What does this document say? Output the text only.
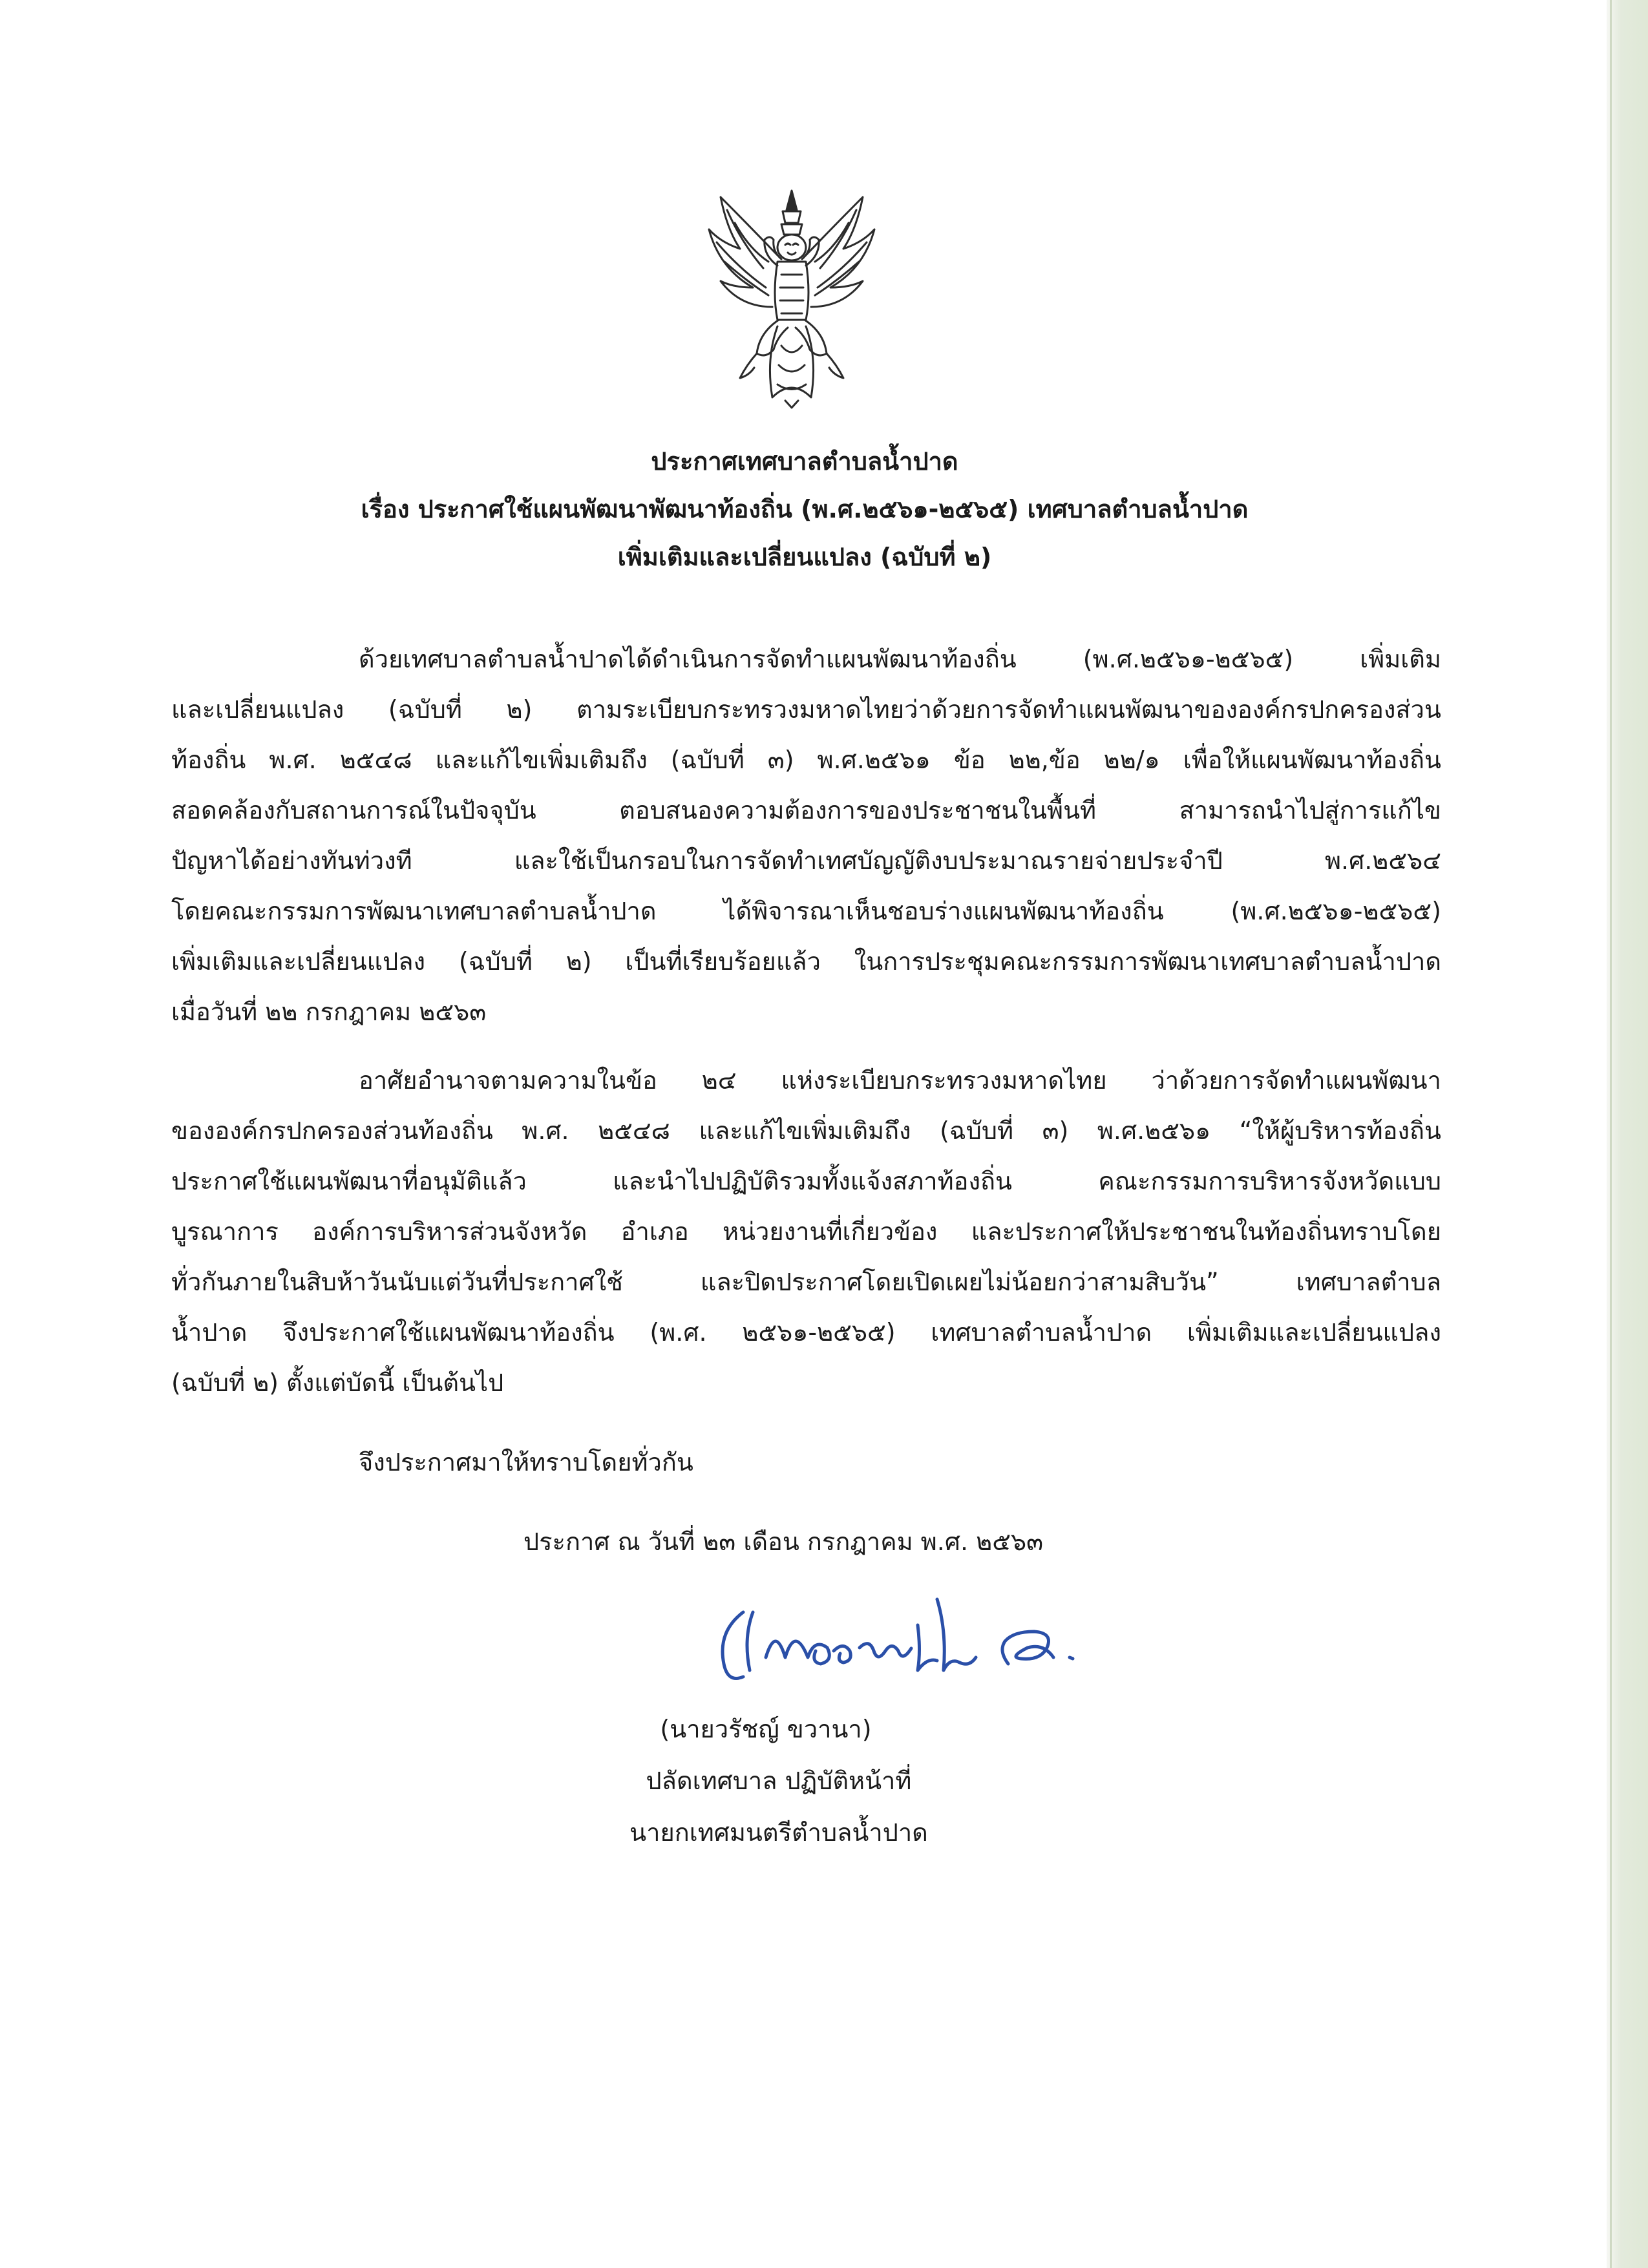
ประกาศเทศบาลตำบลน้ำปาด
เรื่อง ประกาศใช้แผนพัฒนาพัฒนาท้องถิ่น (พ.ศ.๒๕๖๑-๒๕๖๕) เทศบาลตำบลน้ำปาด
เพิ่มเติมและเปลี่ยนแปลง (ฉบับที่ ๒)
ด้วยเทศบาลตำบลน้ำปาดได้ดำเนินการจัดทำแผนพัฒนาท้องถิ่น (พ.ศ.๒๕๖๑-๒๕๖๕) เพิ่มเติม
และเปลี่ยนแปลง (ฉบับที่ ๒) ตามระเบียบกระทรวงมหาดไทยว่าด้วยการจัดทำแผนพัฒนาขององค์กรปกครองส่วน
ท้องถิ่น พ.ศ. ๒๕๔๘ และแก้ไขเพิ่มเติมถึง (ฉบับที่ ๓) พ.ศ.๒๕๖๑ ข้อ ๒๒,ข้อ ๒๒/๑ เพื่อให้แผนพัฒนาท้องถิ่น
สอดคล้องกับสถานการณ์ในปัจจุบัน ตอบสนองความต้องการของประชาชนในพื้นที่ สามารถนำไปสู่การแก้ไข
ปัญหาได้อย่างทันท่วงที และใช้เป็นกรอบในการจัดทำเทศบัญญัติงบประมาณรายจ่ายประจำปี พ.ศ.๒๕๖๔
โดยคณะกรรมการพัฒนาเทศบาลตำบลน้ำปาด ได้พิจารณาเห็นชอบร่างแผนพัฒนาท้องถิ่น (พ.ศ.๒๕๖๑-๒๕๖๕)
เพิ่มเติมและเปลี่ยนแปลง (ฉบับที่ ๒) เป็นที่เรียบร้อยแล้ว ในการประชุมคณะกรรมการพัฒนาเทศบาลตำบลน้ำปาด
เมื่อวันที่ ๒๒ กรกฎาคม ๒๕๖๓
อาศัยอำนาจตามความในข้อ ๒๔ แห่งระเบียบกระทรวงมหาดไทย ว่าด้วยการจัดทำแผนพัฒนา
ขององค์กรปกครองส่วนท้องถิ่น พ.ศ. ๒๕๔๘ และแก้ไขเพิ่มเติมถึง (ฉบับที่ ๓) พ.ศ.๒๕๖๑ “ให้ผู้บริหารท้องถิ่น
ประกาศใช้แผนพัฒนาที่อนุมัติแล้ว และนำไปปฏิบัติรวมทั้งแจ้งสภาท้องถิ่น คณะกรรมการบริหารจังหวัดแบบ
บูรณาการ องค์การบริหารส่วนจังหวัด อำเภอ หน่วยงานที่เกี่ยวข้อง และประกาศให้ประชาชนในท้องถิ่นทราบโดย
ทั่วกันภายในสิบห้าวันนับแต่วันที่ประกาศใช้ และปิดประกาศโดยเปิดเผยไม่น้อยกว่าสามสิบวัน” เทศบาลตำบล
น้ำปาด จึงประกาศใช้แผนพัฒนาท้องถิ่น (พ.ศ. ๒๕๖๑-๒๕๖๕) เทศบาลตำบลน้ำปาด เพิ่มเติมและเปลี่ยนแปลง
(ฉบับที่ ๒) ตั้งแต่บัดนี้ เป็นต้นไป
จึงประกาศมาให้ทราบโดยทั่วกัน
ประกาศ ณ วันที่ ๒๓ เดือน กรกฎาคม พ.ศ. ๒๕๖๓
(นายวรัชญ์ ขวานา)
ปลัดเทศบาล ปฏิบัติหน้าที่
นายกเทศมนตรีตำบลน้ำปาด
